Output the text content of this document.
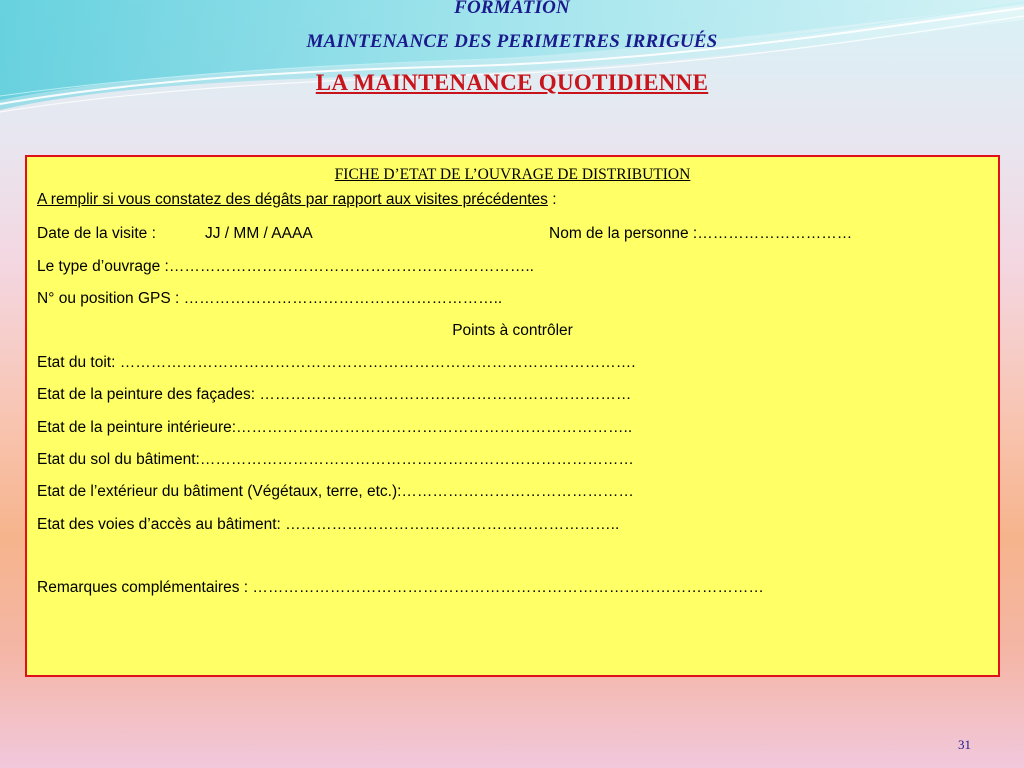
FORMATION
MAINTENANCE DES PERIMETRES IRRIGUÉS
LA MAINTENANCE QUOTIDIENNE
FICHE D’ETAT DE L’OUVRAGE DE DISTRIBUTION
A remplir si vous constatez des dégâts par rapport aux visites précédentes :
Date de la visite :	JJ / MM / AAAA	Nom de la personne :…………………………
Le type d’ouvrage :……………………………………………………………..
N° ou position GPS : ……………………………………………………..
Points à contrôler
Etat du toit: ……………………………………………………………………………………….
Etat de la peinture des façades: ………………………………………………………………
Etat de la peinture intérieure:…………………………………………………………………..
Etat du sol du bâtiment:…………………………………………………………………………
Etat de l’extérieur du bâtiment (Végétaux, terre, etc.):………………………………………
Etat des voies d’accès au bâtiment: ………………………………………………………..
Remarques complémentaires : ………………………………………………………………………………………
31
